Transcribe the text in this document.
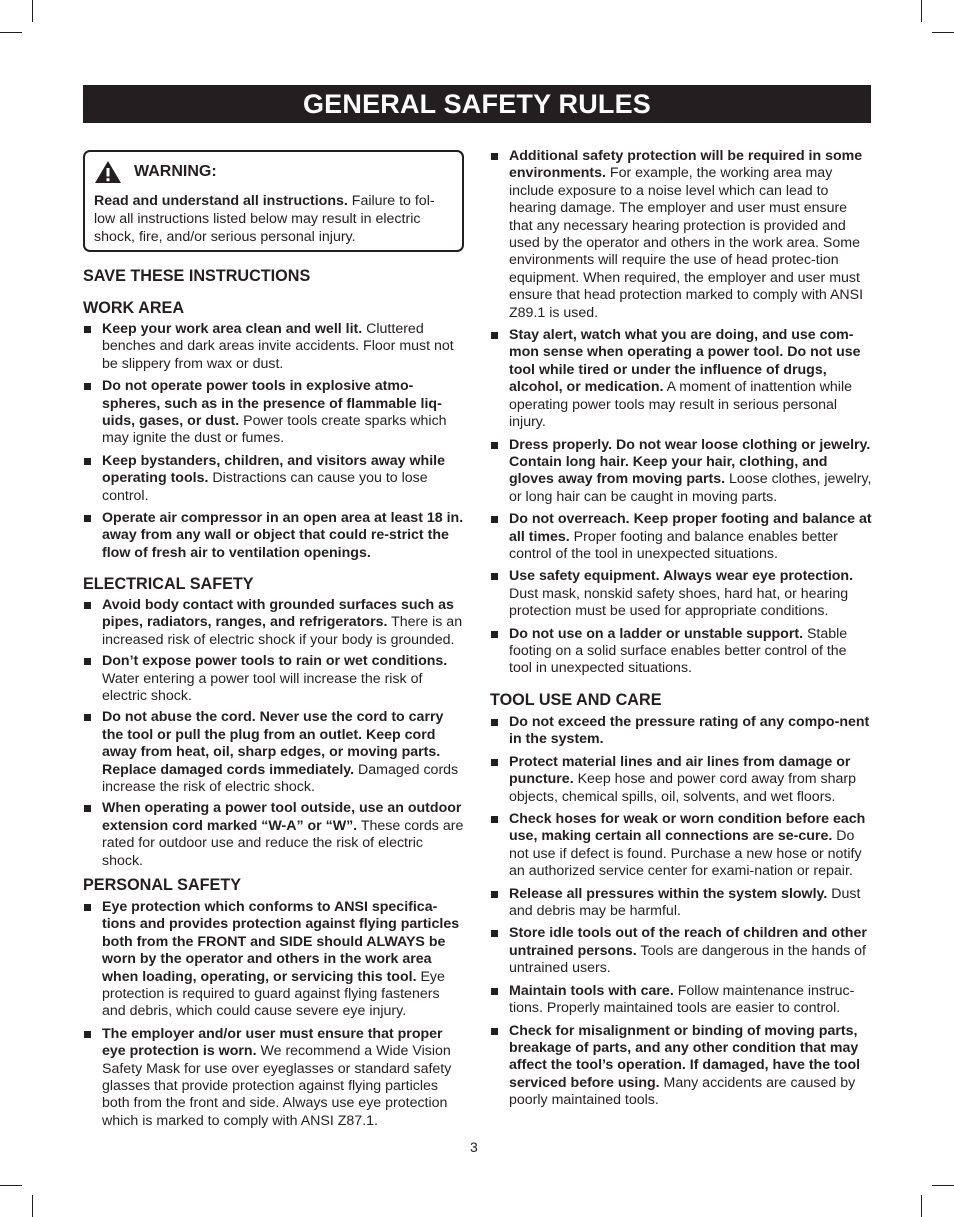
GENERAL SAFETY RULES
WARNING:
Read and understand all instructions. Failure to fol-low all instructions listed below may result in electric shock, fire, and/or serious personal injury.
SAVE THESE INSTRUCTIONS
WORK AREA
Keep your work area clean and well lit. Cluttered benches and dark areas invite accidents. Floor must not be slippery from wax or dust.
Do not operate power tools in explosive atmo-spheres, such as in the presence of flammable liq-uids, gases, or dust. Power tools create sparks which may ignite the dust or fumes.
Keep bystanders, children, and visitors away while operating tools. Distractions can cause you to lose control.
Operate air compressor in an open area at least 18 in. away from any wall or object that could re-strict the flow of fresh air to ventilation openings.
ELECTRICAL SAFETY
Avoid body contact with grounded surfaces such as pipes, radiators, ranges, and refrigerators. There is an increased risk of electric shock if your body is grounded.
Don’t expose power tools to rain or wet conditions. Water entering a power tool will increase the risk of electric shock.
Do not abuse the cord. Never use the cord to carry the tool or pull the plug from an outlet. Keep cord away from heat, oil, sharp edges, or moving parts. Replace damaged cords immediately. Damaged cords increase the risk of electric shock.
When operating a power tool outside, use an outdoor extension cord marked “W-A” or “W”. These cords are rated for outdoor use and reduce the risk of electric shock.
PERSONAL SAFETY
Eye protection which conforms to ANSI specifica-tions and provides protection against flying particles both from the FRONT and SIDE should ALWAYS be worn by the operator and others in the work area when loading, operating, or servicing this tool. Eye protection is required to guard against flying fasteners and debris, which could cause severe eye injury.
The employer and/or user must ensure that proper eye protection is worn. We recommend a Wide Vision Safety Mask for use over eyeglasses or standard safety glasses that provide protection against flying particles both from the front and side. Always use eye protection which is marked to comply with ANSI Z87.1.
Additional safety protection will be required in some environments. For example, the working area may include exposure to a noise level which can lead to hearing damage. The employer and user must ensure that any necessary hearing protection is provided and used by the operator and others in the work area. Some environments will require the use of head protec-tion equipment. When required, the employer and user must ensure that head protection marked to comply with ANSI Z89.1 is used.
Stay alert, watch what you are doing, and use com-mon sense when operating a power tool. Do not use tool while tired or under the influence of drugs, alcohol, or medication. A moment of inattention while operating power tools may result in serious personal injury.
Dress properly. Do not wear loose clothing or jewelry. Contain long hair. Keep your hair, clothing, and gloves away from moving parts. Loose clothes, jewelry, or long hair can be caught in moving parts.
Do not overreach. Keep proper footing and balance at all times. Proper footing and balance enables better control of the tool in unexpected situations.
Use safety equipment. Always wear eye protection. Dust mask, nonskid safety shoes, hard hat, or hearing protection must be used for appropriate conditions.
Do not use on a ladder or unstable support. Stable footing on a solid surface enables better control of the tool in unexpected situations.
TOOL USE AND CARE
Do not exceed the pressure rating of any compo-nent in the system.
Protect material lines and air lines from damage or puncture. Keep hose and power cord away from sharp objects, chemical spills, oil, solvents, and wet floors.
Check hoses for weak or worn condition before each use, making certain all connections are se-cure. Do not use if defect is found. Purchase a new hose or notify an authorized service center for exami-nation or repair.
Release all pressures within the system slowly. Dust and debris may be harmful.
Store idle tools out of the reach of children and other untrained persons. Tools are dangerous in the hands of untrained users.
Maintain tools with care. Follow maintenance instruc-tions. Properly maintained tools are easier to control.
Check for misalignment or binding of moving parts, breakage of parts, and any other condition that may affect the tool’s operation. If damaged, have the tool serviced before using. Many accidents are caused by poorly maintained tools.
3
